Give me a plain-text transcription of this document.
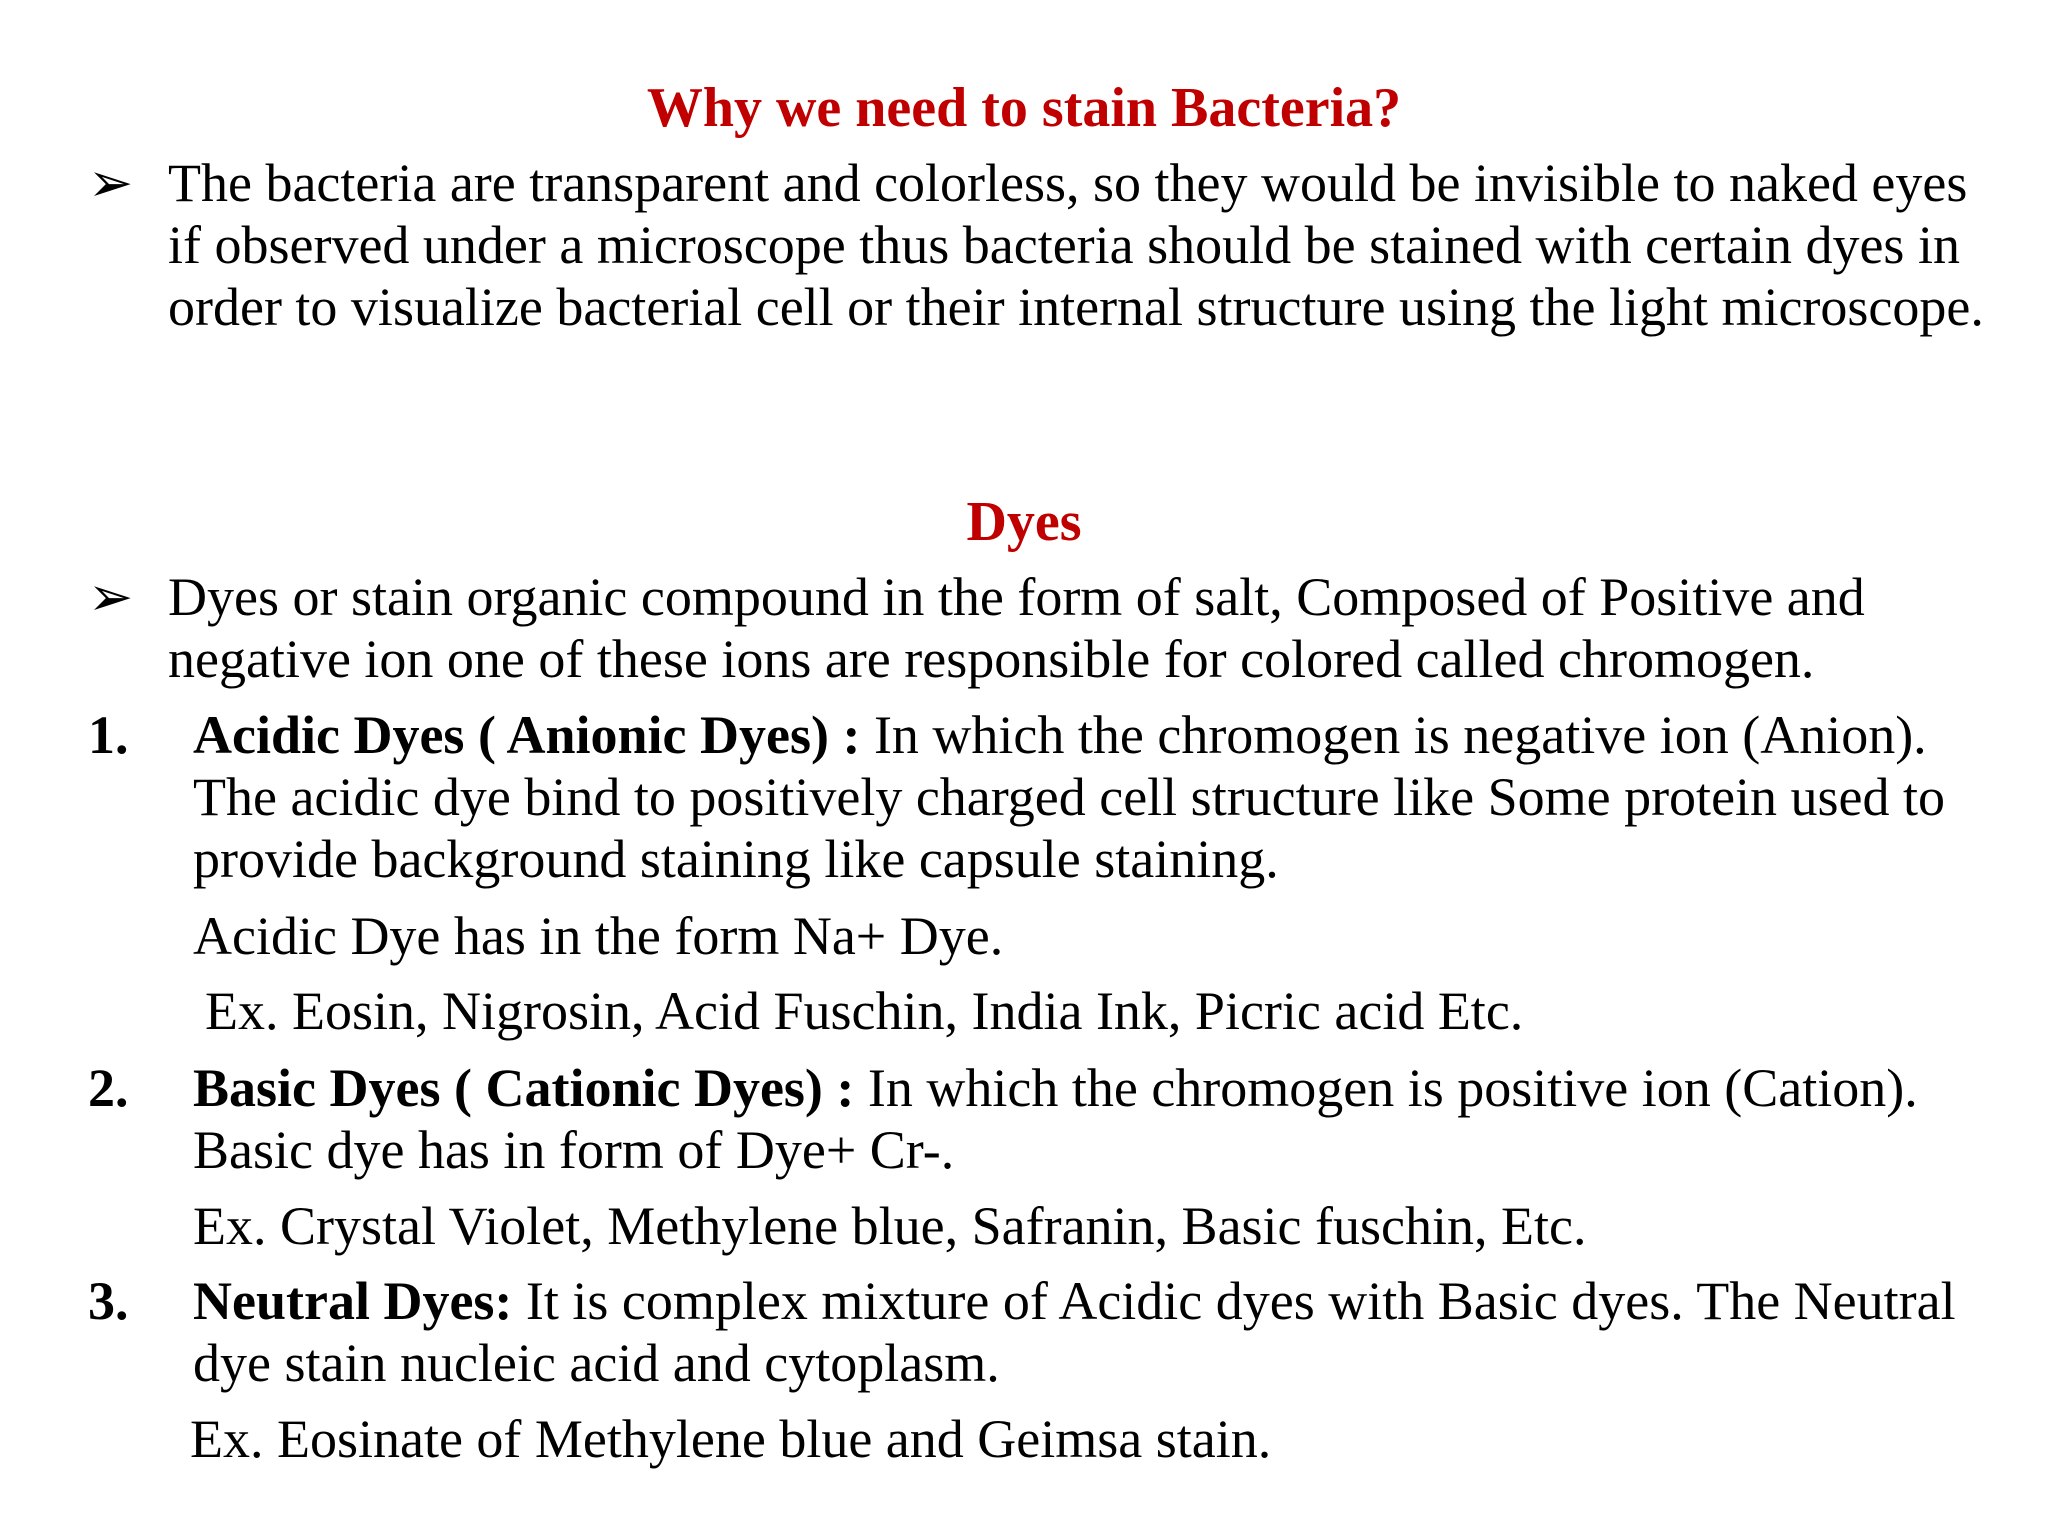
Why we need to stain Bacteria?
➢ The bacteria are transparent and colorless, so they would be invisible to naked eyes if observed under a microscope thus bacteria should be stained with certain dyes in order to visualize bacterial cell or their internal structure using the light microscope.
Dyes
➢ Dyes or stain organic compound in the form of salt, Composed of Positive and negative ion one of these ions are responsible for colored called chromogen.
1. Acidic Dyes ( Anionic Dyes) : In which the chromogen is negative ion (Anion). The acidic dye bind to positively charged cell structure like Some protein used to provide background staining like capsule staining.
Acidic Dye has in the form Na+ Dye.
Ex. Eosin, Nigrosin, Acid Fuschin, India Ink, Picric acid Etc.
2. Basic Dyes ( Cationic Dyes) : In which the chromogen is positive ion (Cation). Basic dye has in form of Dye+ Cr-.
Ex. Crystal Violet, Methylene blue, Safranin, Basic fuschin, Etc.
3. Neutral Dyes: It is complex mixture of Acidic dyes with Basic dyes. The Neutral dye stain nucleic acid and cytoplasm.
Ex. Eosinate of Methylene blue and Geimsa stain.
